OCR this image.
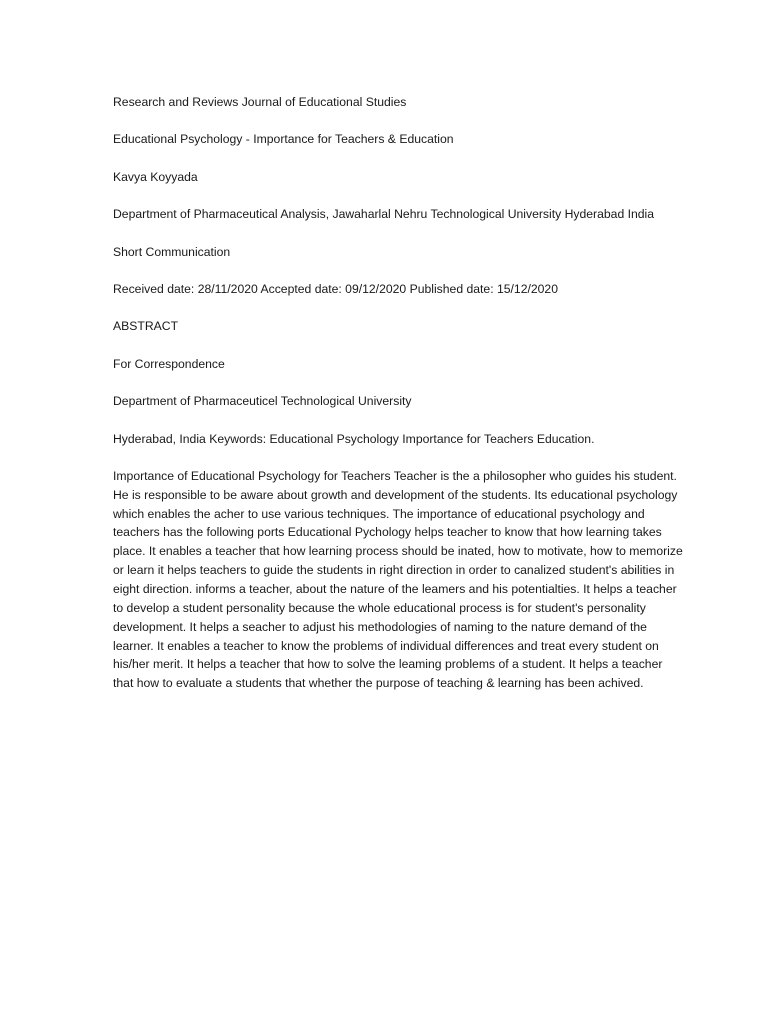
Research and Reviews Journal of Educational Studies

Educational Psychology - Importance for Teachers & Education

Kavya Koyyada

Department of Pharmaceutical Analysis, Jawaharlal Nehru Technological University Hyderabad India

Short Communication

Received date: 28/11/2020 Accepted date: 09/12/2020 Published date: 15/12/2020

ABSTRACT

For Correspondence

Department of Pharmaceuticel Technological University

Hyderabad, India Keywords: Educational Psychology Importance for Teachers Education.

Importance of Educational Psychology for Teachers Teacher is the a philosopher who guides his student. He is responsible to be aware about growth and development of the students. Its educational psychology which enables the acher to use various techniques. The importance of educational psychology and teachers has the following ports Educational Pychology helps teacher to know that how learning takes place. It enables a teacher that how learning process should be inated, how to motivate, how to memorize or learn it helps teachers to guide the students in right direction in order to canalized student's abilities in eight direction. informs a teacher, about the nature of the leamers and his potentialties. It helps a teacher to develop a student personality because the whole educational process is for student's personality development. It helps a seacher to adjust his methodologies of naming to the nature demand of the learner. It enables a teacher to know the problems of individual differences and treat every student on his/her merit. It helps a teacher that how to solve the leaming problems of a student. It helps a teacher that how to evaluate a students that whether the purpose of teaching & learning has been achived.
